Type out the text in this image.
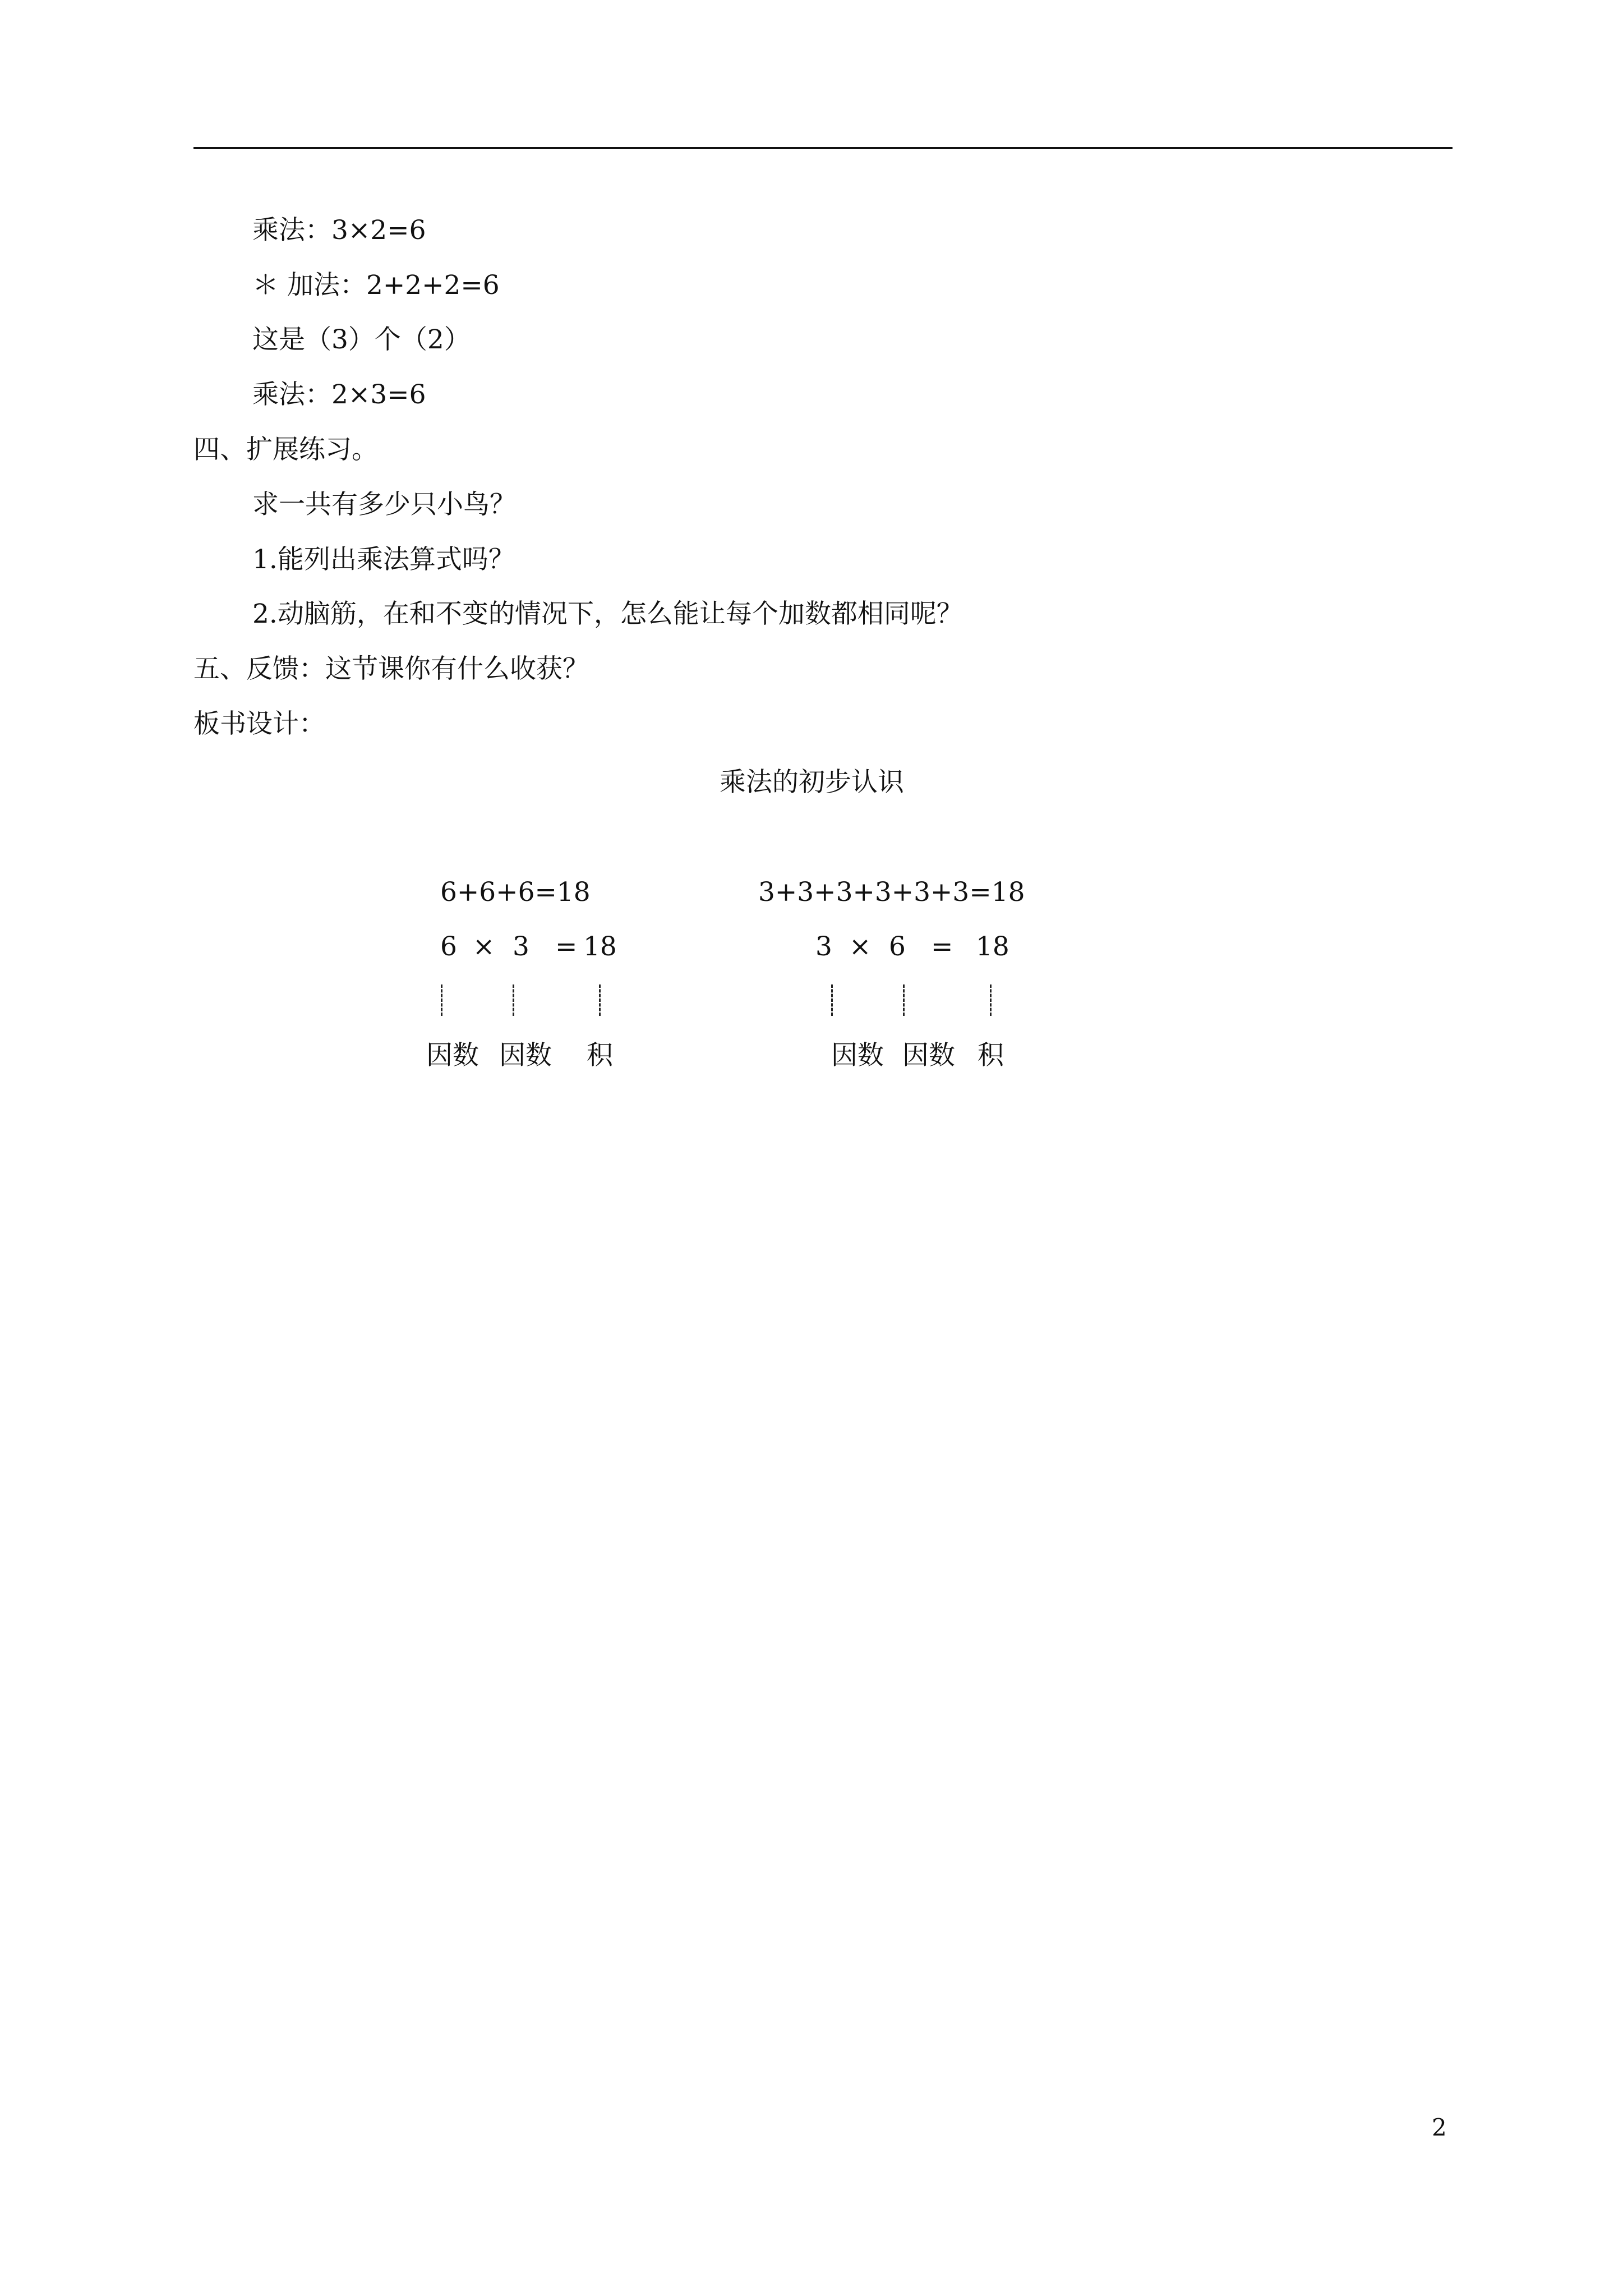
乘法：3×2=6
＊ 加法：2+2+2=6
这是（3）个（2）
乘法：2×3=6
四、扩展练习。
求一共有多少只小鸟？
1.能列出乘法算式吗？
2.动脑筋，在和不变的情况下，怎么能让每个加数都相同呢？
五、反馈：这节课你有什么收获？
板书设计：
乘法的初步认识
6+6+6=18
6 × 3 = 18
因数 因数 积
3+3+3+3+3+3=18
3 × 6 = 18
因数 因数 积
2
